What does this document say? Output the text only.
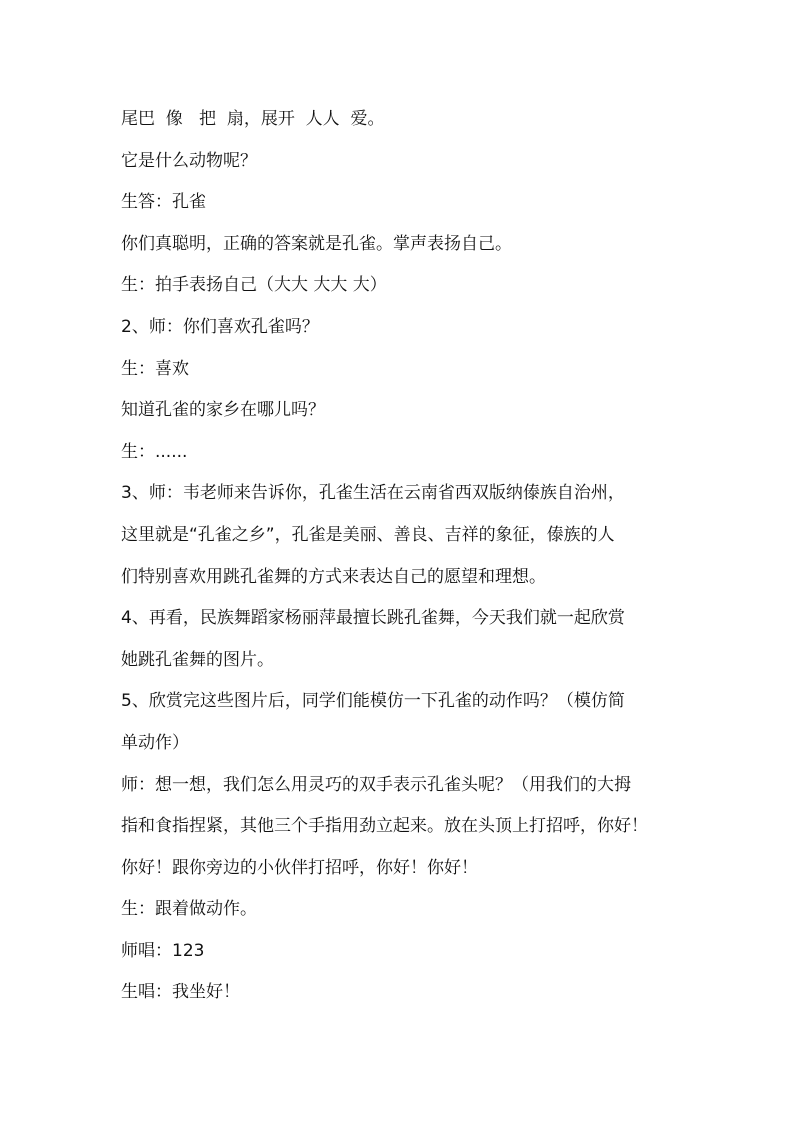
尾巴  像   把  扇，展开  人人  爱。

它是什么动物呢？

生答：孔雀

你们真聪明，正确的答案就是孔雀。掌声表扬自己。

生：拍手表扬自己（大大 大大 大）

2、师：你们喜欢孔雀吗？

生：喜欢

知道孔雀的家乡在哪儿吗？

生：......

3、师：韦老师来告诉你，孔雀生活在云南省西双版纳傣族自治州，

这里就是“孔雀之乡”，孔雀是美丽、善良、吉祥的象征，傣族的人

们特别喜欢用跳孔雀舞的方式来表达自己的愿望和理想。

4、再看，民族舞蹈家杨丽萍最擅长跳孔雀舞，今天我们就一起欣赏

她跳孔雀舞的图片。

5、欣赏完这些图片后，同学们能模仿一下孔雀的动作吗？（模仿简

单动作）

师：想一想，我们怎么用灵巧的双手表示孔雀头呢？（用我们的大拇

指和食指捏紧，其他三个手指用劲立起来。放在头顶上打招呼，你好！

你好！跟你旁边的小伙伴打招呼，你好！你好！

生：跟着做动作。

师唱：123

生唱：我坐好！
